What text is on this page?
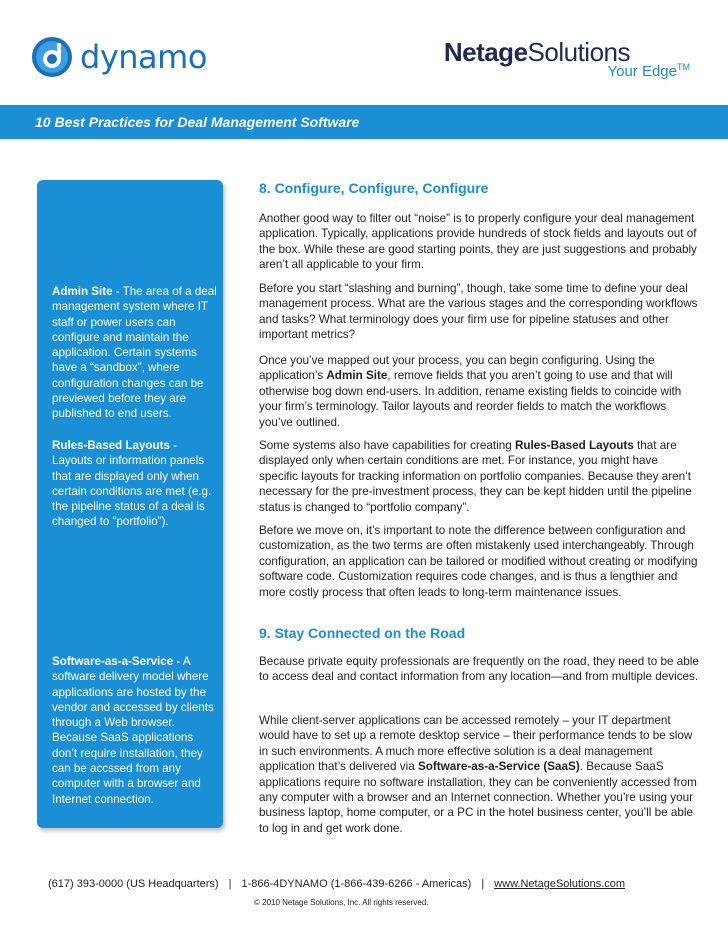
dynamo	NetageSolutions
Your Edge™
10 Best Practices for Deal Management Software
Admin Site - The area of a deal management system where IT staff or power users can configure and maintain the application. Certain systems have a “sandbox”, where configuration changes can be previewed before they are published to end users.
Rules-Based Layouts - Layouts or information panels that are displayed only when certain conditions are met (e.g. the pipeline status of a deal is changed to “portfolio”).
Software-as-a-Service - A software delivery model where applications are hosted by the vendor and accessed by clients through a Web browser. Because SaaS applications don’t require installation, they can be accssed from any computer with a browser and Internet connection.
8. Configure, Configure, Configure
Another good way to filter out “noise” is to properly configure your deal management application. Typically, applications provide hundreds of stock fields and layouts out of the box. While these are good starting points, they are just suggestions and probably aren’t all applicable to your firm.
Before you start “slashing and burning”, though, take some time to define your deal management process. What are the various stages and the corresponding workflows and tasks? What terminology does your firm use for pipeline statuses and other important metrics?
Once you’ve mapped out your process, you can begin configuring. Using the application’s Admin Site, remove fields that you aren’t going to use and that will otherwise bog down end-users. In addition, rename existing fields to coincide with your firm’s terminology. Tailor layouts and reorder fields to match the workflows you’ve outlined.
Some systems also have capabilities for creating Rules-Based Layouts that are displayed only when certain conditions are met. For instance, you might have specific layouts for tracking information on portfolio companies. Because they aren’t necessary for the pre-investment process, they can be kept hidden until the pipeline status is changed to “portfolio company”.
Before we move on, it’s important to note the difference between configuration and customization, as the two terms are often mistakenly used interchangeably. Through configuration, an application can be tailored or modified without creating or modifying software code. Customization requires code changes, and is thus a lengthier and more costly process that often leads to long-term maintenance issues.
9. Stay Connected on the Road
Because private equity professionals are frequently on the road, they need to be able to access deal and contact information from any location—and from multiple devices.
While client-server applications can be accessed remotely – your IT department would have to set up a remote desktop service – their performance tends to be slow in such environments. A much more effective solution is a deal management application that’s delivered via Software-as-a-Service (SaaS). Because SaaS applications require no software installation, they can be conveniently accessed from any computer with a browser and an Internet connection. Whether you’re using your business laptop, home computer, or a PC in the hotel business center, you’ll be able to log in and get work done.
(617) 393-0000 (US Headquarters) | 1-866-4DYNAMO (1-866-439-6266 - Americas) | www.NetageSolutions.com
© 2010 Netage Solutions, Inc. All rights reserved.
